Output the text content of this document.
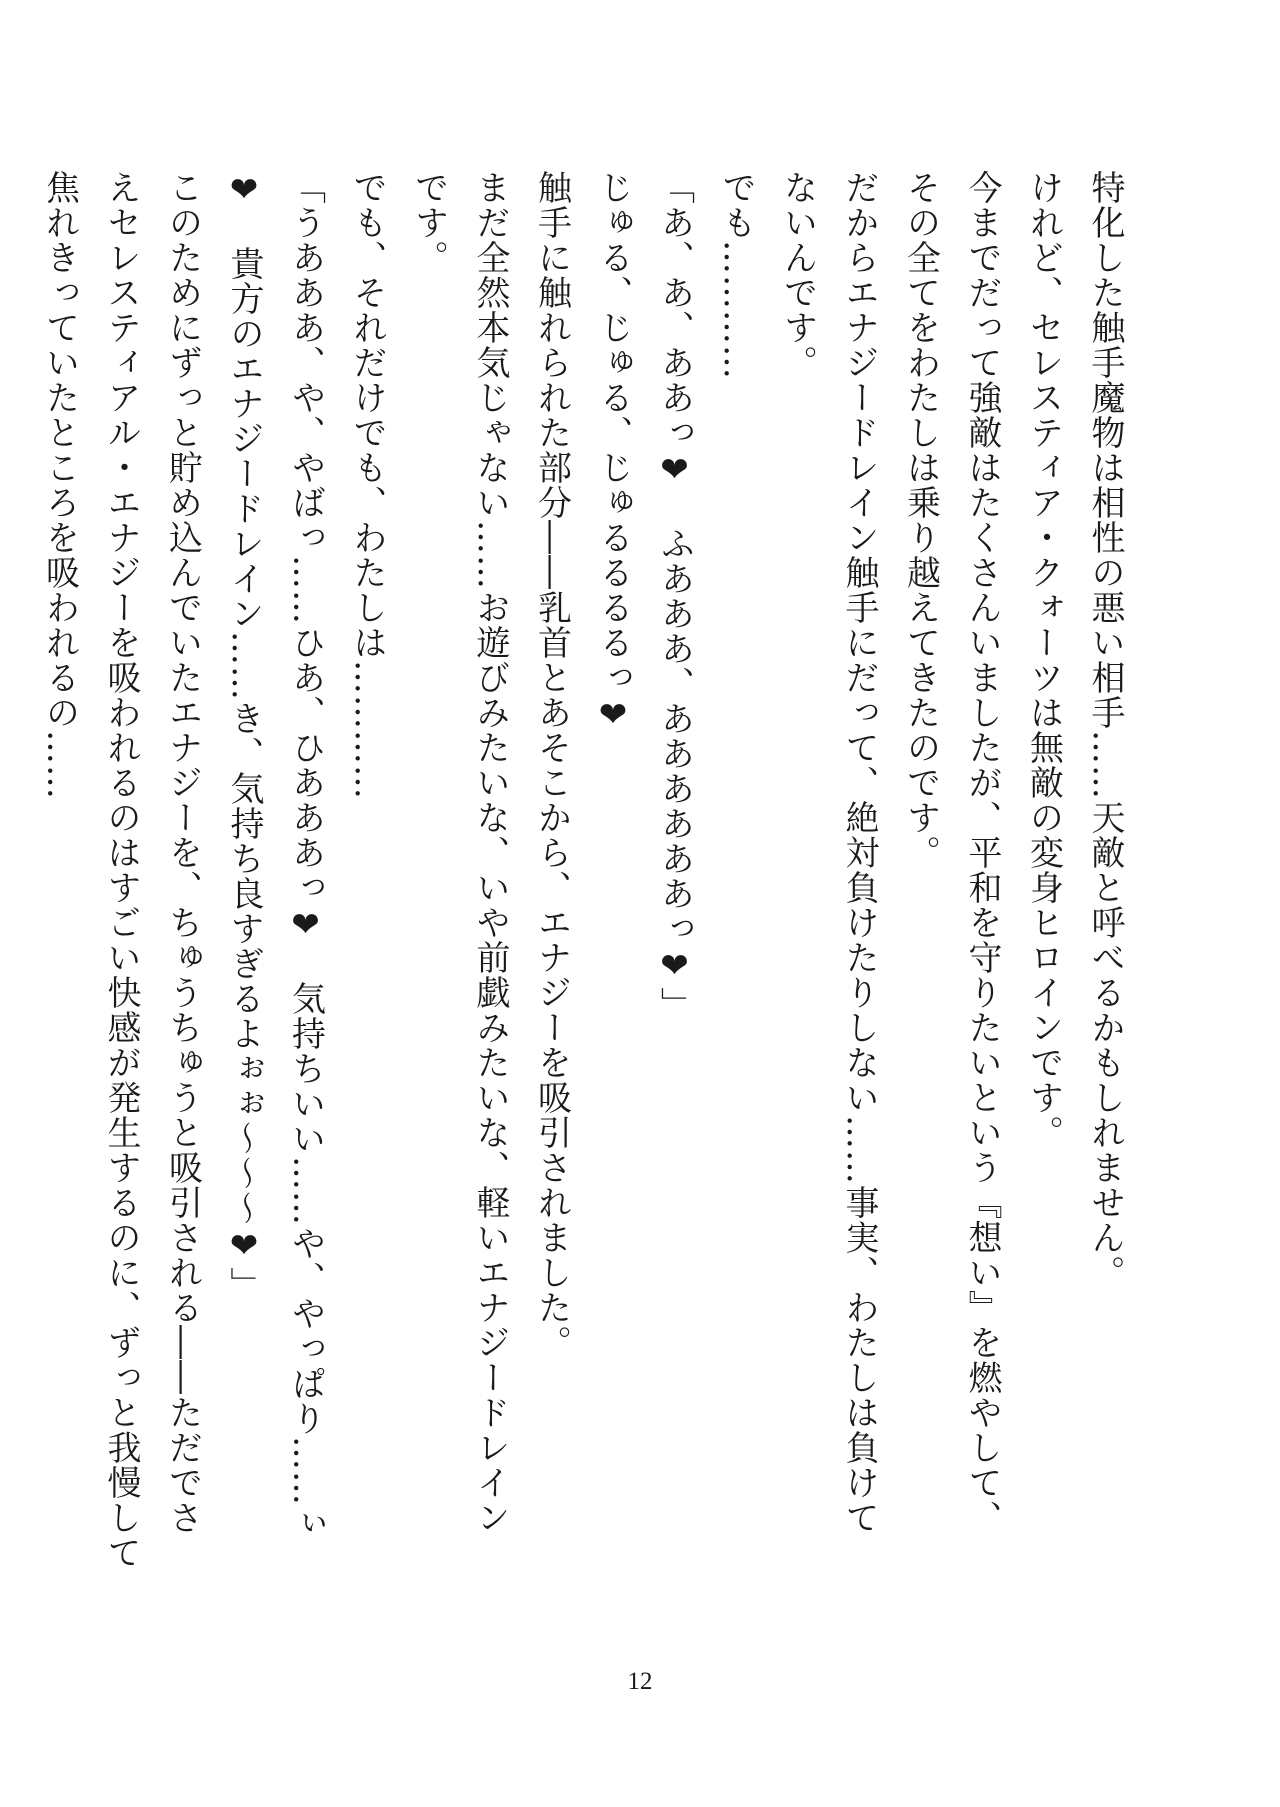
特化した触手魔物は相性の悪い相手……天敵と呼べるかもしれません。
けれど、セレスティア・クォーツは無敵の変身ヒロインです。
今までだって強敵はたくさんいましたが、平和を守りたいという『想い』を燃やして、
その全てをわたしは乗り越えてきたのです。
だからエナジードレイン触手にだって、絶対負けたりしない……事実、わたしは負けて
ないんです。
でも…………
「あ、あ、ああっ❤　ふあああ、ああああああっ❤」
じゅる、じゅる、じゅるるるるっ❤
触手に触れられた部分――乳首とあそこから、エナジーを吸引されました。
まだ全然本気じゃない……お遊びみたいな、いや前戯みたいな、軽いエナジードレイン
です。
でも、それだけでも、わたしは…………
「うあああ、や、やばっ……ひあ、ひあああっ❤　気持ちいい……や、やっぱり……ぃ
❤　貴方のエナジードレイン……き、気持ち良すぎるよぉぉ～～～❤」
このためにずっと貯め込んでいたエナジーを、ちゅうちゅうと吸引される――ただでさ
えセレスティアル・エナジーを吸われるのはすごい快感が発生するのに、ずっと我慢して
焦れきっていたところを吸われるの……
12
